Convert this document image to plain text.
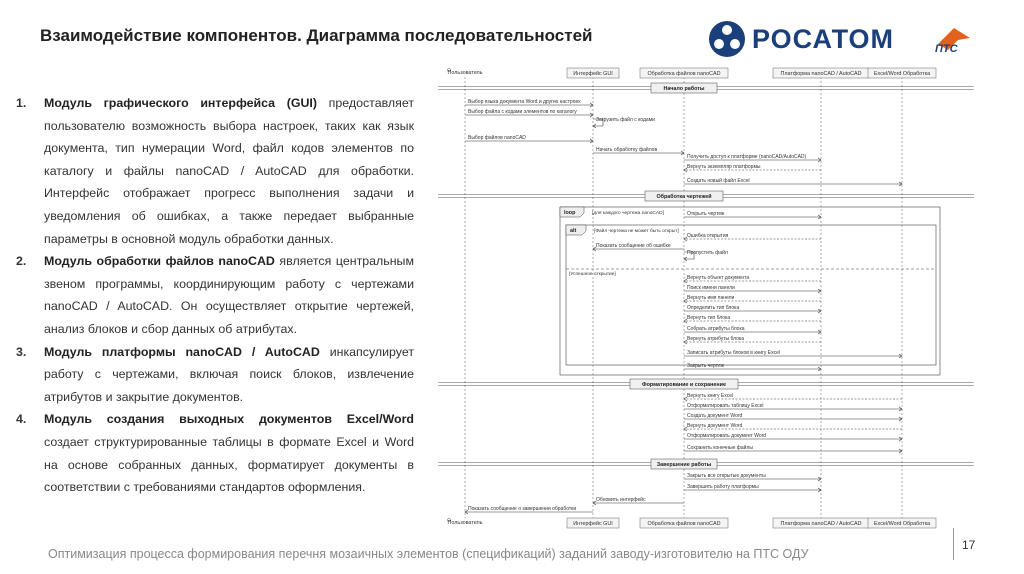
Взаимодействие компонентов. Диаграмма последовательностей	РОСАТОМ	ПТС
1. Модуль графического интерфейса (GUI) предоставляет пользователю возможность выбора настроек, таких как язык документа, тип нумерации Word, файл кодов элементов по каталогу и файлы nanoCAD / AutoCAD для обработки. Интерфейс отображает прогресс выполнения задачи и уведомления об ошибках, а также передает выбранные параметры в основной модуль обработки данных.
2. Модуль обработки файлов nanoCAD является центральным звеном программы, координирующим работу с чертежами nanoCAD / AutoCAD. Он осуществляет открытие чертежей, анализ блоков и сбор данных об атрибутах.
3. Модуль платформы nanoCAD / AutoCAD инкапсулирует работу с чертежами, включая поиск блоков, извлечение атрибутов и закрытие документов.
4. Модуль создания выходных документов Excel/Word создает структурированные таблицы в формате Excel и Word на основе собранных данных, форматирует документы в соответствии с требованиями стандартов оформления.
Пользователь
Пользователь
Интерфейс GUI
Интерфейс GUI
Обработка файлов nanoCAD
Обработка файлов nanoCAD
Платформа nanoCAD / AutoCAD
Платформа nanoCAD / AutoCAD
Excel/Word Обработка
Excel/Word Обработка
Начало работы
Обработка чертежей
Форматирование и сохранение
Завершение работы
loop	[для каждого чертежа nanoCAD]
alt	[Файл чертежа не может быть открыт]
[Успешное открытие]
Выбор языка документа Word и других настроек
Выбор файла с кодами элементов по каталогу
Загрузить файл с кодами
Выбор файлов nanoCAD
Начать обработку файлов
Получить доступ к платформе (nanoCAD/AutoCAD)
Вернуть экземпляр платформы
Создать новый файл Excel
Открыть чертеж
Ошибка открытия
Показать сообщение об ошибке
Пропустить файл
Вернуть объект документа
Поиск имени панели
Вернуть имя панели
Определить тип блока
Вернуть тип блока
Собрать атрибуты блока
Вернуть атрибуты блока
Записать атрибуты блоков в книгу Excel
Закрыть чертеж
Вернуть книгу Excel
Отформатировать таблицу Excel
Создать документ Word
Вернуть документ Word
Отформатировать документ Word
Сохранить конечные файлы
Закрыть все открытые документы
Завершить работу платформы
Обновить интерфейс
Показать сообщение о завершении обработки
Оптимизация процесса формирования перечня мозаичных элементов (спецификаций) заданий заводу-изготовителю на ПТС ОДУ
17
